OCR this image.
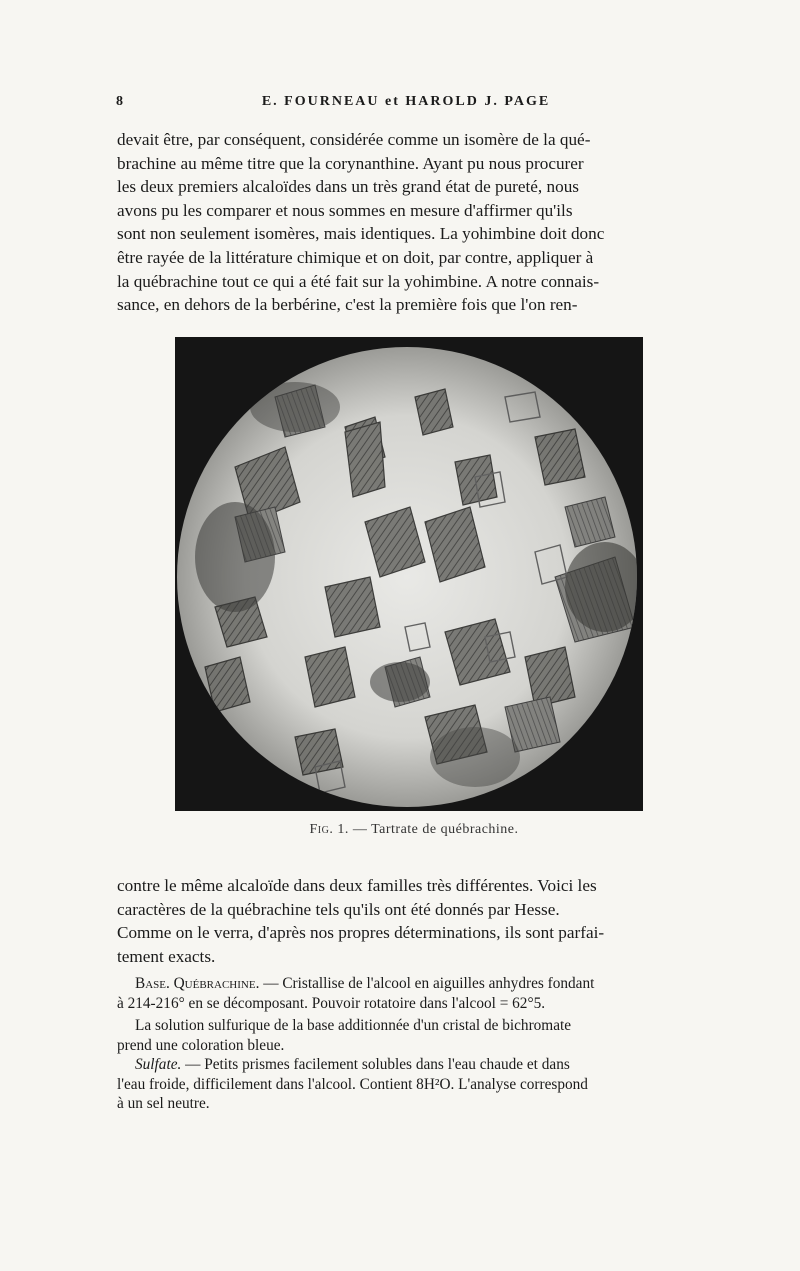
8	E. FOURNEAU et HAROLD J. PAGE
devait être, par conséquent, considérée comme un isomère de la qué-
brachine au même titre que la corynanthine. Ayant pu nous procurer
les deux premiers alcaloïdes dans un très grand état de pureté, nous
avons pu les comparer et nous sommes en mesure d'affirmer qu'ils
sont non seulement isomères, mais identiques. La yohimbine doit donc
être rayée de la littérature chimique et on doit, par contre, appliquer à
la québrachine tout ce qui a été fait sur la yohimbine. A notre connais-
sance, en dehors de la berbérine, c'est la première fois que l'on ren-
Fig. 1. — Tartrate de québrachine.
contre le même alcaloïde dans deux familles très différentes. Voici les
caractères de la québrachine tels qu'ils ont été donnés par Hesse.
Comme on le verra, d'après nos propres déterminations, ils sont parfai-
tement exacts.
Base. Québrachine. — Cristallise de l'alcool en aiguilles anhydres fondant
à 214-216° en se décomposant. Pouvoir rotatoire dans l'alcool = 62°5.
La solution sulfurique de la base additionnée d'un cristal de bichromate
prend une coloration bleue.
Sulfate. — Petits prismes facilement solubles dans l'eau chaude et dans
l'eau froide, difficilement dans l'alcool. Contient 8H²O. L'analyse correspond
à un sel neutre.
